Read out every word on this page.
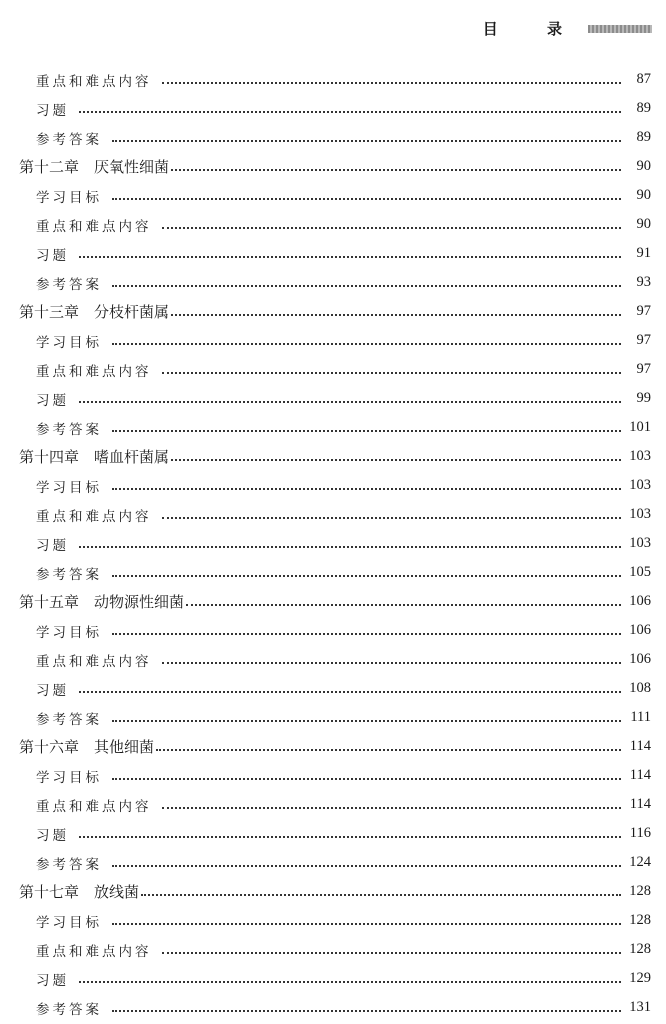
目 录
重点和难点内容	87
习题	89
参考答案	89
第十二章　厌氧性细菌	90
学习目标	90
重点和难点内容	90
习题	91
参考答案	93
第十三章　分枝杆菌属	97
学习目标	97
重点和难点内容	97
习题	99
参考答案	101
第十四章　嗜血杆菌属	103
学习目标	103
重点和难点内容	103
习题	103
参考答案	105
第十五章　动物源性细菌	106
学习目标	106
重点和难点内容	106
习题	108
参考答案	111
第十六章　其他细菌	114
学习目标	114
重点和难点内容	114
习题	116
参考答案	124
第十七章　放线菌	128
学习目标	128
重点和难点内容	128
习题	129
参考答案	131
